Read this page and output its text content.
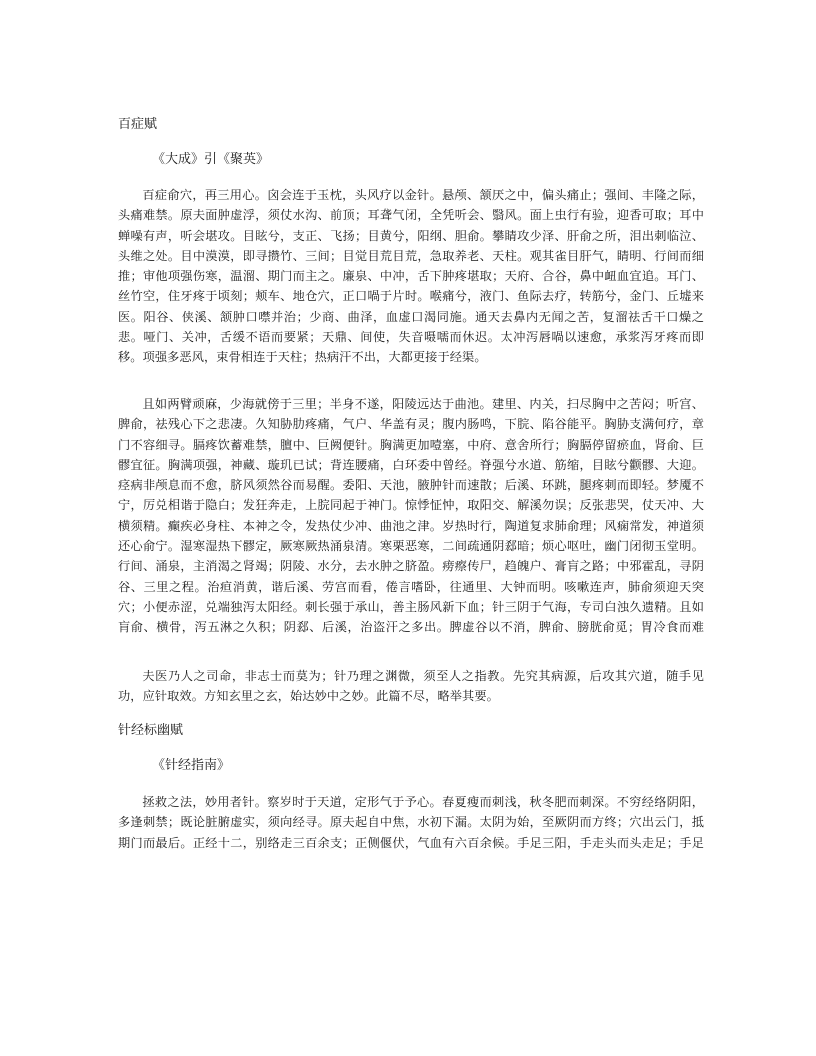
百症赋

《大成》引《聚英》

百症俞穴，再三用心。囟会连于玉枕，头风疗以金针。悬颅、颔厌之中，偏头痛止；强间、丰隆之际，头痛难禁。原夫面肿虚浮，须仗水沟、前顶；耳聋气闭，全凭听会、翳风。面上虫行有验，迎香可取；耳中蝉噪有声，听会堪攻。目眩兮，支正、飞扬；目黄兮，阳纲、胆俞。攀睛攻少泽、肝俞之所，泪出刺临泣、头维之处。目中漠漠，即寻攒竹、三间；目觉目荒目荒，急取养老、天柱。观其雀目肝气，睛明、行间而细推；审他项强伤寒，温溜、期门而主之。廉泉、中冲，舌下肿疼堪取；天府、合谷，鼻中衄血宜追。耳门、丝竹空，住牙疼于顷刻；颊车、地仓穴，正口喎于片时。喉痛兮，液门、鱼际去疗，转筋兮，金门、丘墟来医。阳谷、侠溪、颔肿口噤并治；少商、曲泽，血虚口渴同施。通天去鼻内无闻之苦，复溜祛舌干口燥之悲。哑门、关冲，舌缓不语而要紧；天鼎、间使，失音嗫嚅而休迟。太冲泻唇喎以速愈，承浆泻牙疼而即移。项强多恶风，束骨相连于天柱；热病汗不出，大都更接于经渠。

且如两臂顽麻，少海就傍于三里；半身不遂，阳陵远达于曲池。建里、内关，扫尽胸中之苦闷；听宫、脾俞，祛残心下之悲凄。久知胁肋疼痛，气户、华盖有灵；腹内肠鸣，下脘、陷谷能平。胸胁支满何疗，章门不容细寻。膈疼饮蓄难禁，膻中、巨阙便针。胸满更加噎塞，中府、意舍所行；胸膈停留瘀血，肾俞、巨髎宜征。胸满项强，神藏、璇玑已试；背连腰痛，白环委中曾经。脊强兮水道、筋缩，目眩兮颧髎、大迎。痉病非颅息而不愈，脐风须然谷而易醒。委阳、天池，腋肿针而速散；后溪、环跳，腿疼刺而即轻。梦魇不宁，厉兑相谐于隐白；发狂奔走，上脘同起于神门。惊悸怔忡，取阳交、解溪勿误；反张悲哭，仗天冲、大横须精。癫疾必身柱、本神之令，发热仗少冲、曲池之津。岁热时行，陶道复求肺俞理；风痫常发，神道须还心俞宁。湿寒湿热下髎定，厥寒厥热涌泉清。寒栗恶寒，二间疏通阴郄暗；烦心呕吐，幽门闭彻玉堂明。行间、涌泉，主消渴之肾竭；阴陵、水分，去水肿之脐盈。痨瘵传尸，趋魄户、膏肓之路；中邪霍乱，寻阴谷、三里之程。治疸消黄，谐后溪、劳宫而看，倦言嗜卧，往通里、大钟而明。咳嗽连声，肺俞须迎天突穴；小便赤涩，兑端独泻太阳经。刺长强于承山，善主肠风新下血；针三阴于气海，专司白浊久遗精。且如肓俞、横骨，泻五淋之久积；阴郄、后溪，治盗汗之多出。脾虚谷以不消，脾俞、膀胱俞觅；胃冷食而难

夫医乃人之司命，非志士而莫为；针乃理之渊微，须至人之指教。先究其病源，后攻其穴道，随手见功，应针取效。方知玄里之玄，始达妙中之妙。此篇不尽，略举其要。

针经标幽赋

《针经指南》

拯救之法，妙用者针。察岁时于天道，定形气于予心。春夏瘦而刺浅，秋冬肥而刺深。不穷经络阴阳，多逢刺禁；既论脏腑虚实，须向经寻。原夫起自中焦，水初下漏。太阴为始，至厥阴而方终；穴出云门，抵期门而最后。正经十二，别络走三百余支；正侧偃伏，气血有六百余候。手足三阳，手走头而头走足；手足
